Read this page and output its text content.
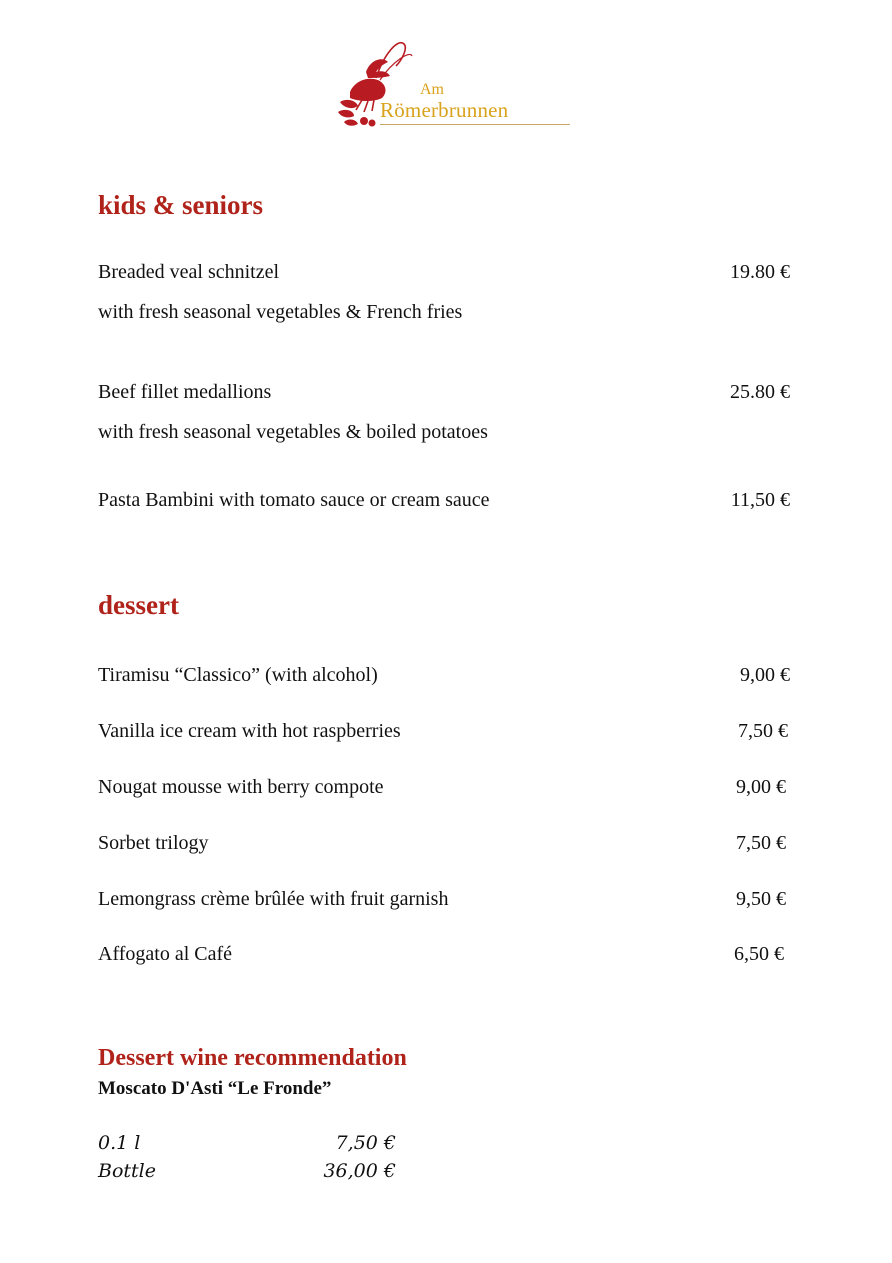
Am
Römerbrunnen
kids & seniors
Breaded veal schnitzel	19.80 €
with fresh seasonal vegetables & French fries
Beef fillet medallions	25.80 €
with fresh seasonal vegetables & boiled potatoes
Pasta Bambini with tomato sauce or cream sauce	11,50 €
dessert
Tiramisu “Classico” (with alcohol)	9,00 €
Vanilla ice cream with hot raspberries	7,50 €
Nougat mousse with berry compote	9,00 €
Sorbet trilogy	7,50 €
Lemongrass crème brûlée with fruit garnish	9,50 €
Affogato al Café	6,50 €
Dessert wine recommendation
Moscato D'Asti “Le Fronde”
0.1 l	7,50 €
Bottle	36,00 €
